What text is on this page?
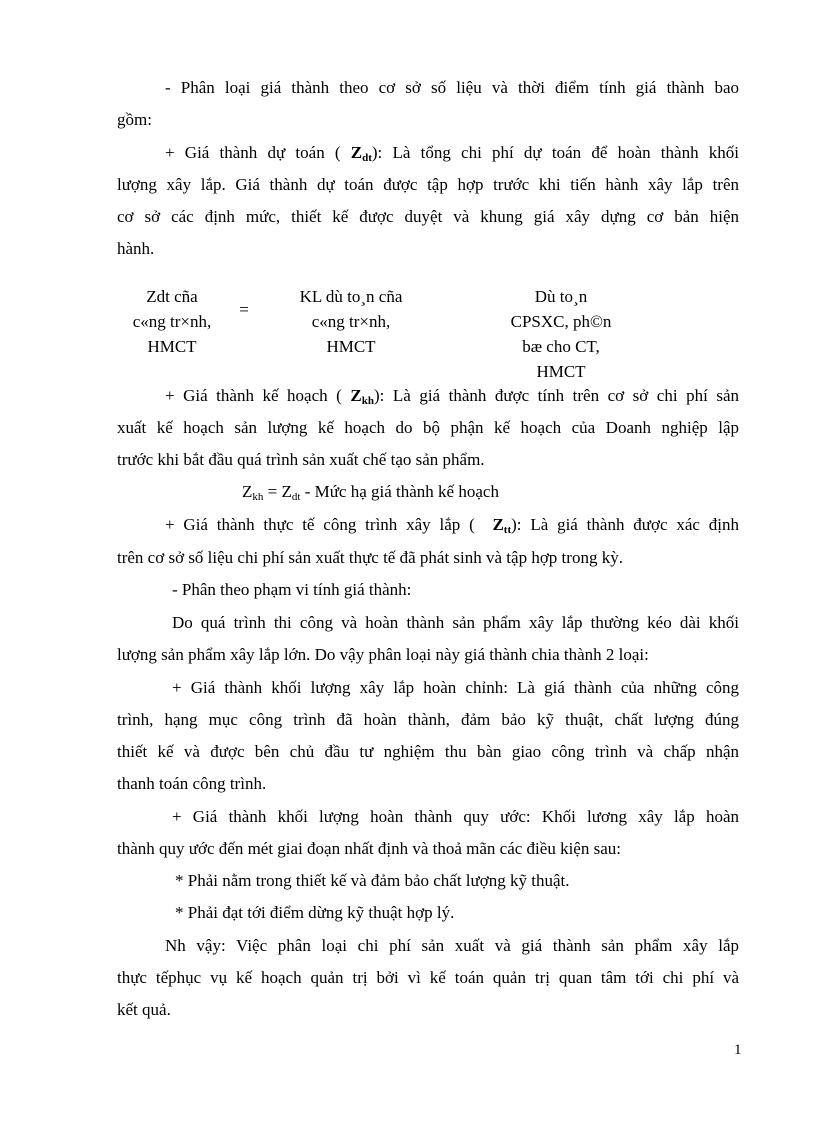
- Phân loại giá thành theo cơ sở số liệu và thời điểm tính giá thành bao
gồm:
+ Giá thành dự toán ( $Z_{dt}$): Là tổng chi phí dự toán để hoàn thành khối
lượng xây lắp. Giá thành dự toán được tập hợp trước khi tiến hành xây lắp trên
cơ sở các định mức, thiết kế được duyệt và khung giá xây dựng cơ bản hiện
hành.
Zdt cña
c«ng tr×nh,
HMCT
=
KL dù to¸n cña
c«ng tr×nh,
HMCT
Dù to¸n
CPSXC, ph©n
bæ cho CT,
HMCT
+ Giá thành kế hoạch ( $Z_{kh}$): Là giá thành được tính trên cơ sở chi phí sản
xuất kế hoạch sản lượng kế hoạch do bộ phận kế hoạch của Doanh nghiệp lập
trước khi bắt đầu quá trình sản xuất chế tạo sản phẩm.
$Z_{kh} = Z_{dt}$ - Mức hạ giá thành kế hoạch
+ Giá thành thực tế công trình xây lắp ( $Z_{tt}$): Là giá thành được xác định
trên cơ sở số liệu chi phí sản xuất thực tế đã phát sinh và tập hợp trong kỳ.
- Phân theo phạm vi tính giá thành:
Do quá trình thi công và hoàn thành sản phẩm xây lắp thường kéo dài khối
lượng sản phẩm xây lắp lớn. Do vậy phân loại này giá thành chia thành 2 loại:
+ Giá thành khối lượng xây lắp hoàn chỉnh: Là giá thành của những công
trình, hạng mục công trình đã hoàn thành, đảm bảo kỹ thuật, chất lượng đúng
thiết kế và được bên chủ đầu tư nghiệm thu bàn giao công trình và chấp nhận
thanh toán công trình.
+ Giá thành khối lượng hoàn thành quy ước: Khối lương xây lắp hoàn
thành quy ước đến mét giai đoạn nhất định và thoả mãn các điều kiện sau:
* Phải nằm trong thiết kế và đảm bảo chất lượng kỹ thuật.
* Phải đạt tới điểm dừng kỹ thuật hợp lý.
Nh vậy: Việc phân loại chi phí sản xuất và giá thành sản phẩm xây lắp
thực tếphục vụ kế hoạch quản trị bởi vì kế toán quản trị quan tâm tới chi phí và
kết quả.
1
